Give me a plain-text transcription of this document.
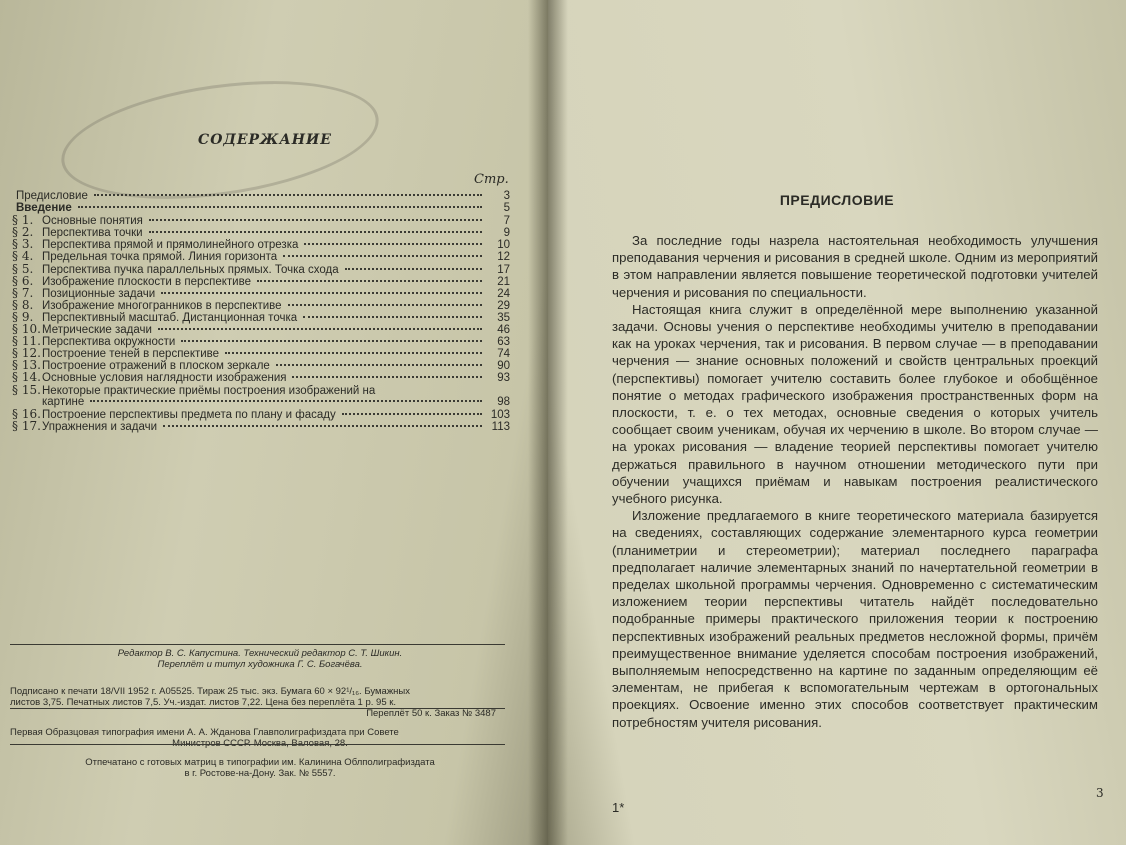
СОДЕРЖАНИЕ
Стр.
Предисловие	3
Введение	5
§ 1. Основные понятия	7
§ 2. Перспектива точки	9
§ 3. Перспектива прямой и прямолинейного отрезка	10
§ 4. Предельная точка прямой. Линия горизонта	12
§ 5. Перспектива пучка параллельных прямых. Точка схода	17
§ 6. Изображение плоскости в перспективе	21
§ 7. Позиционные задачи	24
§ 8. Изображение многогранников в перспективе	29
§ 9. Перспективный масштаб. Дистанционная точка	35
§ 10. Метрические задачи	46
§ 11. Перспектива окружности	63
§ 12. Построение теней в перспективе	74
§ 13. Построение отражений в плоском зеркале	90
§ 14. Основные условия наглядности изображения	93
§ 15. Некоторые практические приёмы построения изображений на
картине	98
§ 16. Построение перспективы предмета по плану и фасаду	103
§ 17. Упражнения и задачи	113
Редактор В. С. Капустина. Технический редактор С. Т. Шикин.
Переплёт и титул художника Г. С. Богачёва.
Подписано к печати 18/VII 1952 г. А05525. Тираж 25 тыс. экз. Бумага 60 × 92¹/₁₆. Бумажных
листов 3,75. Печатных листов 7,5. Уч.-издат. листов 7,22. Цена без переплёта 1 р. 95 к.
Переплёт 50 к. Заказ № 3487
Первая Образцовая типография имени А. А. Жданова Главполиграфиздата при Совете
Министров СССР. Москва, Валовая, 28.
Отпечатано с готовых матриц в типографии им. Калинина Облполиграфиздата
в г. Ростове-на-Дону. Зак. № 5557.
ПРЕДИСЛОВИЕ

За последние годы назрела настоятельная необходимость улучшения преподавания черчения и рисования в средней школе. Одним из мероприятий в этом направлении является повышение теоретической подготовки учителей черчения и рисования по специальности.

Настоящая книга служит в определённой мере выполнению указанной задачи. Основы учения о перспективе необходимы учителю в преподавании как на уроках черчения, так и рисования. В первом случае — в преподавании черчения — знание основных положений и свойств центральных проекций (перспективы) помогает учителю составить более глубокое и обобщённое понятие о методах графического изображения пространственных форм на плоскости, т. е. о тех методах, основные сведения о которых учитель сообщает своим ученикам, обучая их черчению в школе. Во втором случае — на уроках рисования — владение теорией перспективы помогает учителю держаться правильного в научном отношении методического пути при обучении учащихся приёмам и навыкам построения реалистического учебного рисунка.

Изложение предлагаемого в книге теоретического материала базируется на сведениях, составляющих содержание элементарного курса геометрии (планиметрии и стереометрии); материал последнего параграфа предполагает наличие элементарных знаний по начертательной геометрии в пределах школьной программы черчения. Одновременно с систематическим изложением теории перспективы читатель найдёт последовательно подобранные примеры практического приложения теории к построению перспективных изображений реальных предметов несложной формы, причём преимущественное внимание уделяется способам построения изображений, выполняемым непосредственно на картине по заданным определяющим её элементам, не прибегая к вспомогательным чертежам в ортогональных проекциях. Освоение именно этих способов соответствует практическим потребностям учителя рисования.

1*
3
